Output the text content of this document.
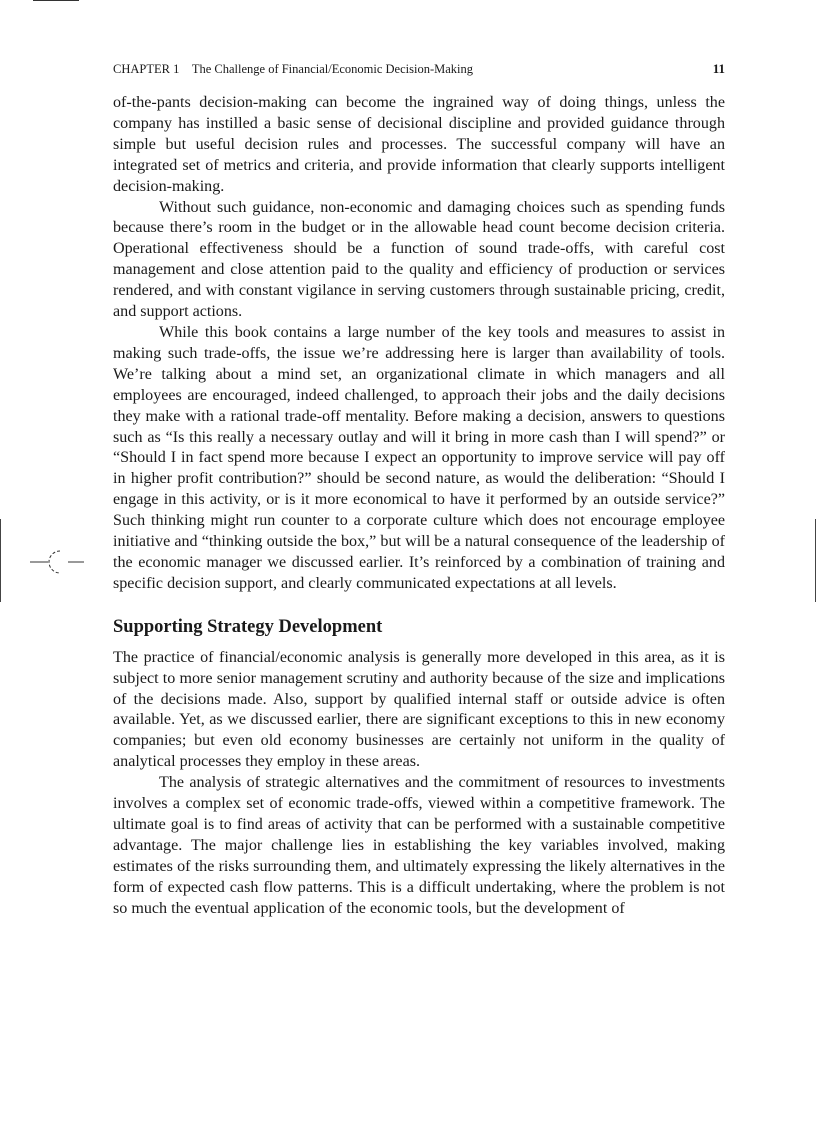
CHAPTER 1 The Challenge of Financial/Economic Decision-Making	11

of-the-pants decision-making can become the ingrained way of doing things, unless the company has instilled a basic sense of decisional discipline and provided guidance through simple but useful decision rules and processes. The successful company will have an integrated set of metrics and criteria, and provide information that clearly supports intelligent decision-making.

Without such guidance, non-economic and damaging choices such as spending funds because there’s room in the budget or in the allowable head count become decision criteria. Operational effectiveness should be a function of sound trade-offs, with careful cost management and close attention paid to the quality and efficiency of production or services rendered, and with constant vigilance in serving customers through sustainable pricing, credit, and support actions.

While this book contains a large number of the key tools and measures to assist in making such trade-offs, the issue we’re addressing here is larger than availability of tools. We’re talking about a mind set, an organizational climate in which managers and all employees are encouraged, indeed challenged, to approach their jobs and the daily decisions they make with a rational trade-off mentality. Before making a decision, answers to questions such as “Is this really a necessary outlay and will it bring in more cash than I will spend?” or “Should I in fact spend more because I expect an opportunity to improve service will pay off in higher profit contribution?” should be second nature, as would the deliberation: “Should I engage in this activity, or is it more economical to have it performed by an outside service?” Such thinking might run counter to a corporate culture which does not encourage employee initiative and “thinking outside the box,” but will be a natural consequence of the leadership of the economic manager we discussed earlier. It’s reinforced by a combination of training and specific decision support, and clearly communicated expectations at all levels.

Supporting Strategy Development

The practice of financial/economic analysis is generally more developed in this area, as it is subject to more senior management scrutiny and authority because of the size and implications of the decisions made. Also, support by qualified internal staff or outside advice is often available. Yet, as we discussed earlier, there are significant exceptions to this in new economy companies; but even old economy businesses are certainly not uniform in the quality of analytical processes they employ in these areas.

The analysis of strategic alternatives and the commitment of resources to investments involves a complex set of economic trade-offs, viewed within a competitive framework. The ultimate goal is to find areas of activity that can be performed with a sustainable competitive advantage. The major challenge lies in establishing the key variables involved, making estimates of the risks surrounding them, and ultimately expressing the likely alternatives in the form of expected cash flow patterns. This is a difficult undertaking, where the problem is not so much the eventual application of the economic tools, but the development of
